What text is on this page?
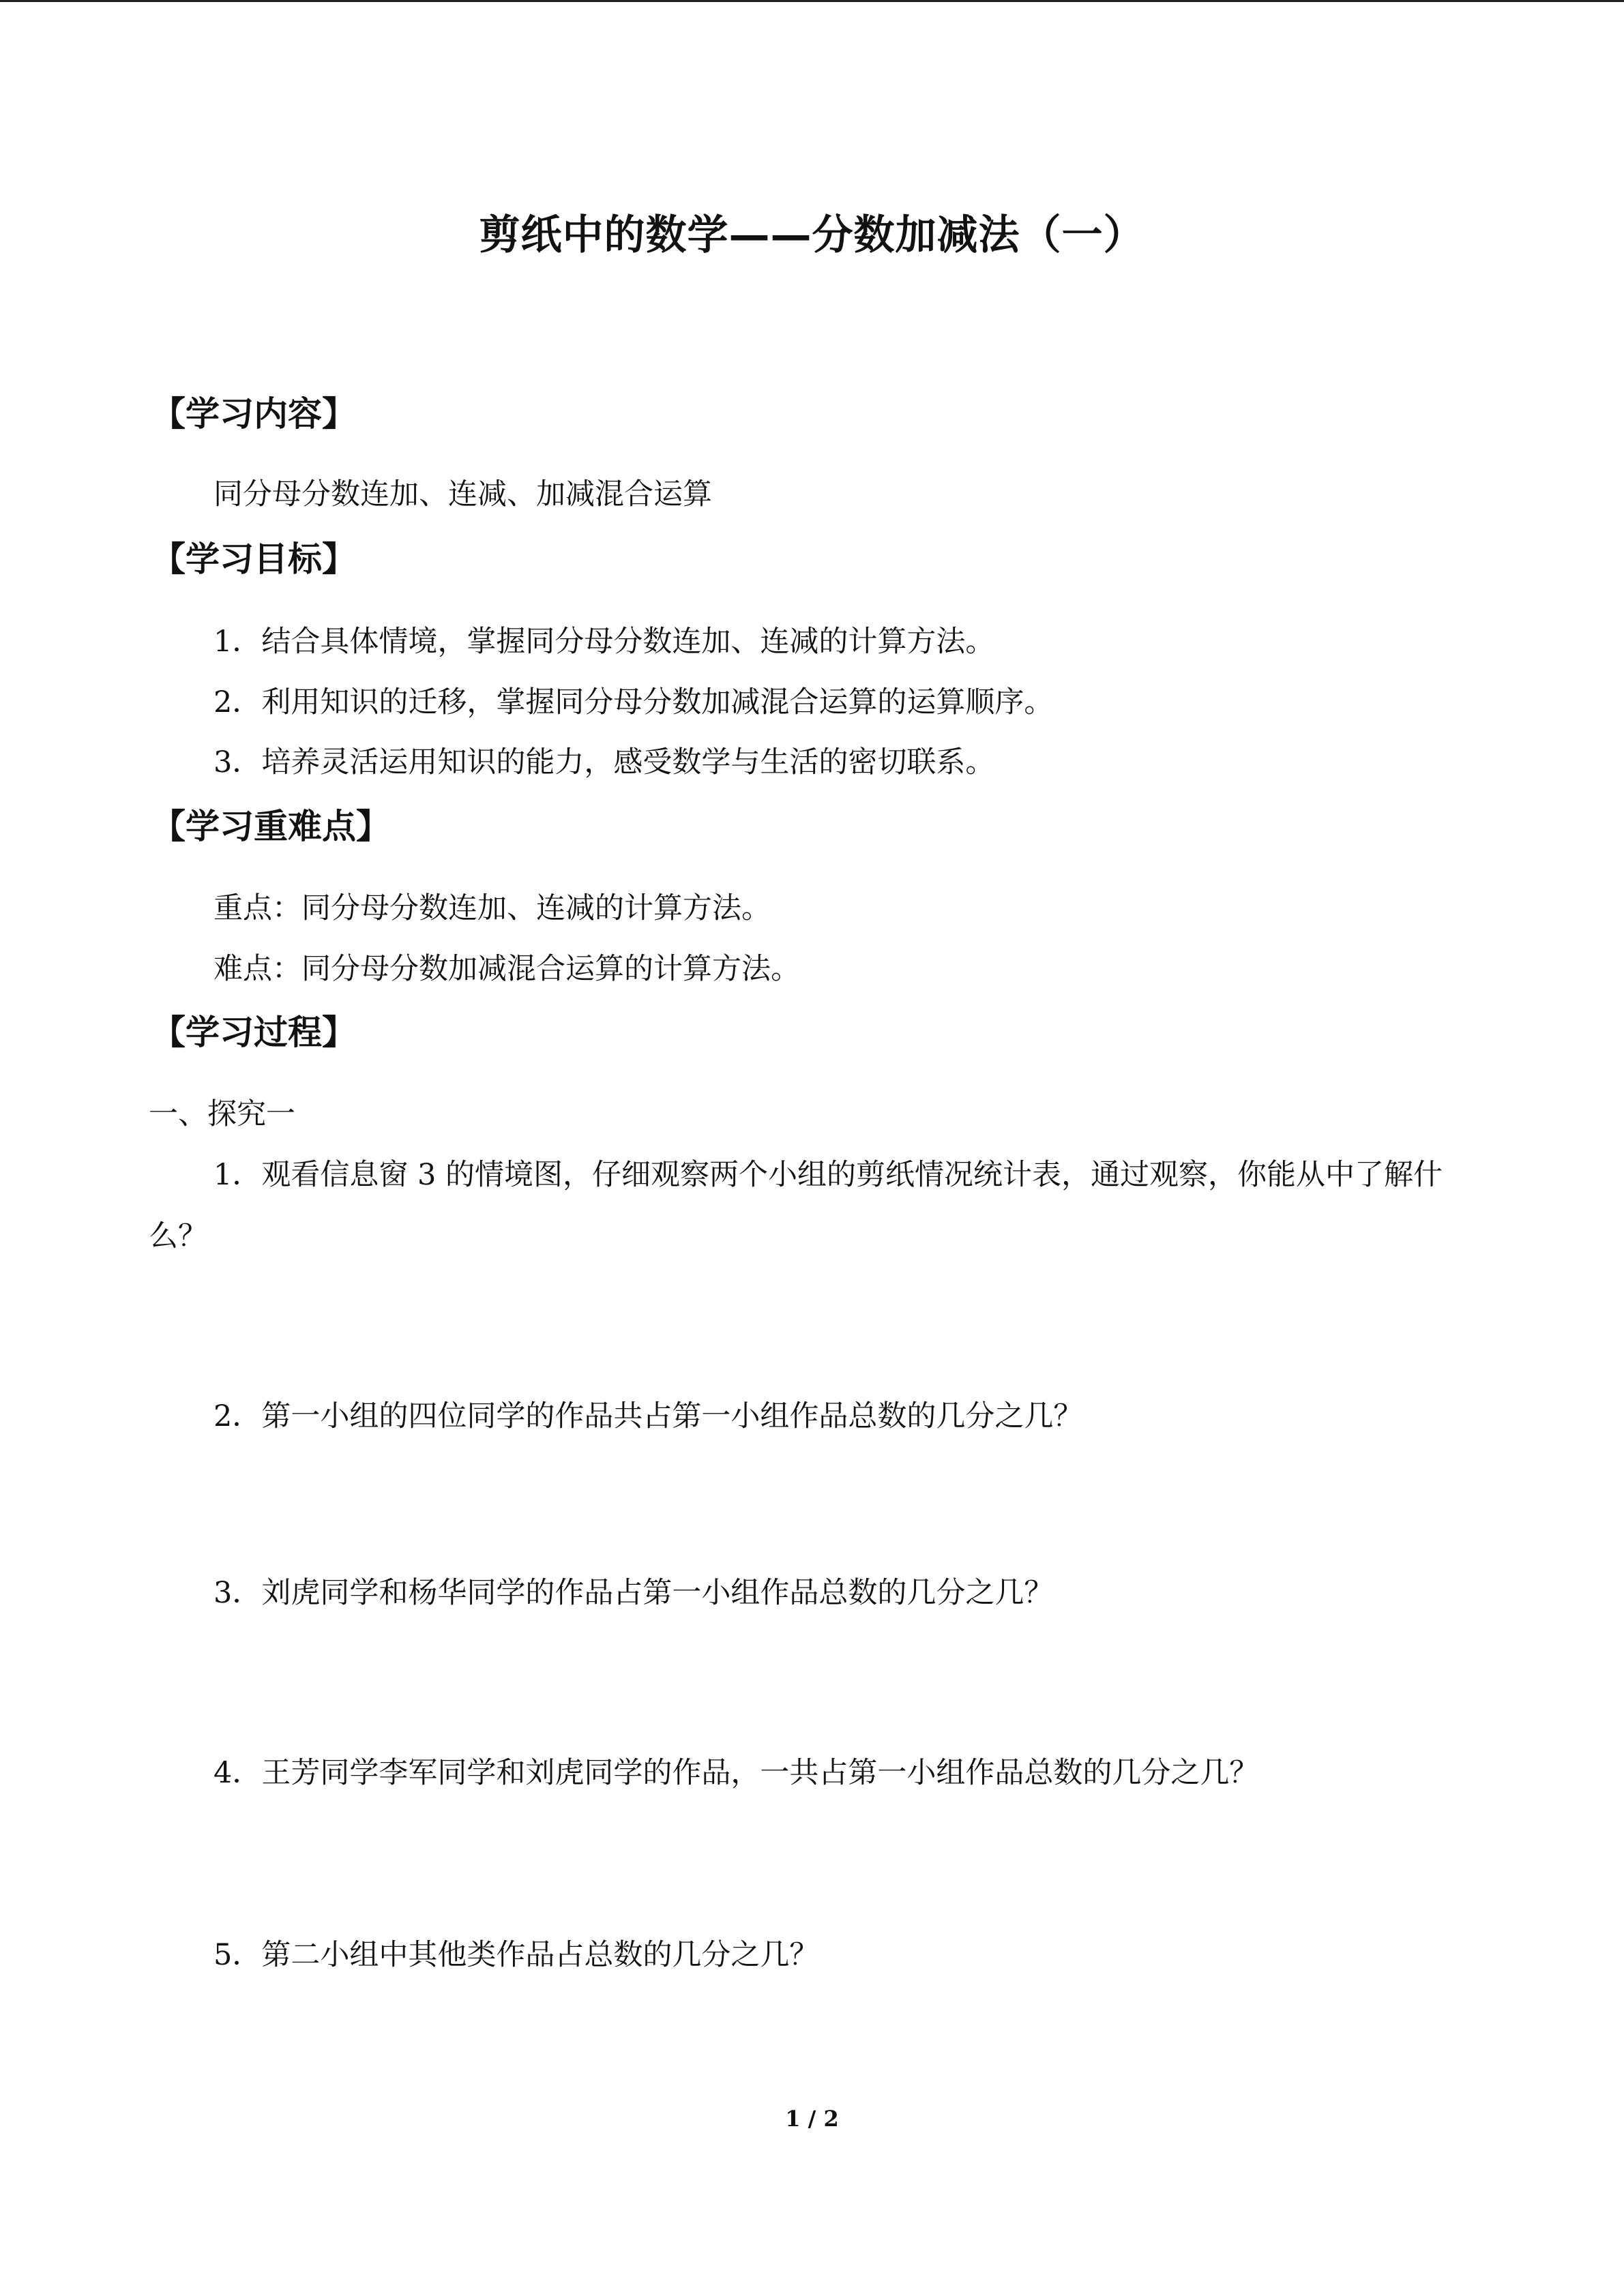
剪纸中的数学——分数加减法（一）
【学习内容】
同分母分数连加、连减、加减混合运算
【学习目标】
1．结合具体情境，掌握同分母分数连加、连减的计算方法。
2．利用知识的迁移，掌握同分母分数加减混合运算的运算顺序。
3．培养灵活运用知识的能力，感受数学与生活的密切联系。
【学习重难点】
重点：同分母分数连加、连减的计算方法。
难点：同分母分数加减混合运算的计算方法。
【学习过程】
一、探究一
1．观看信息窗 3 的情境图，仔细观察两个小组的剪纸情况统计表，通过观察，你能从中了解什么？
2．第一小组的四位同学的作品共占第一小组作品总数的几分之几？
3．刘虎同学和杨华同学的作品占第一小组作品总数的几分之几？
4．王芳同学李军同学和刘虎同学的作品，一共占第一小组作品总数的几分之几？
5．第二小组中其他类作品占总数的几分之几？
1 / 2
